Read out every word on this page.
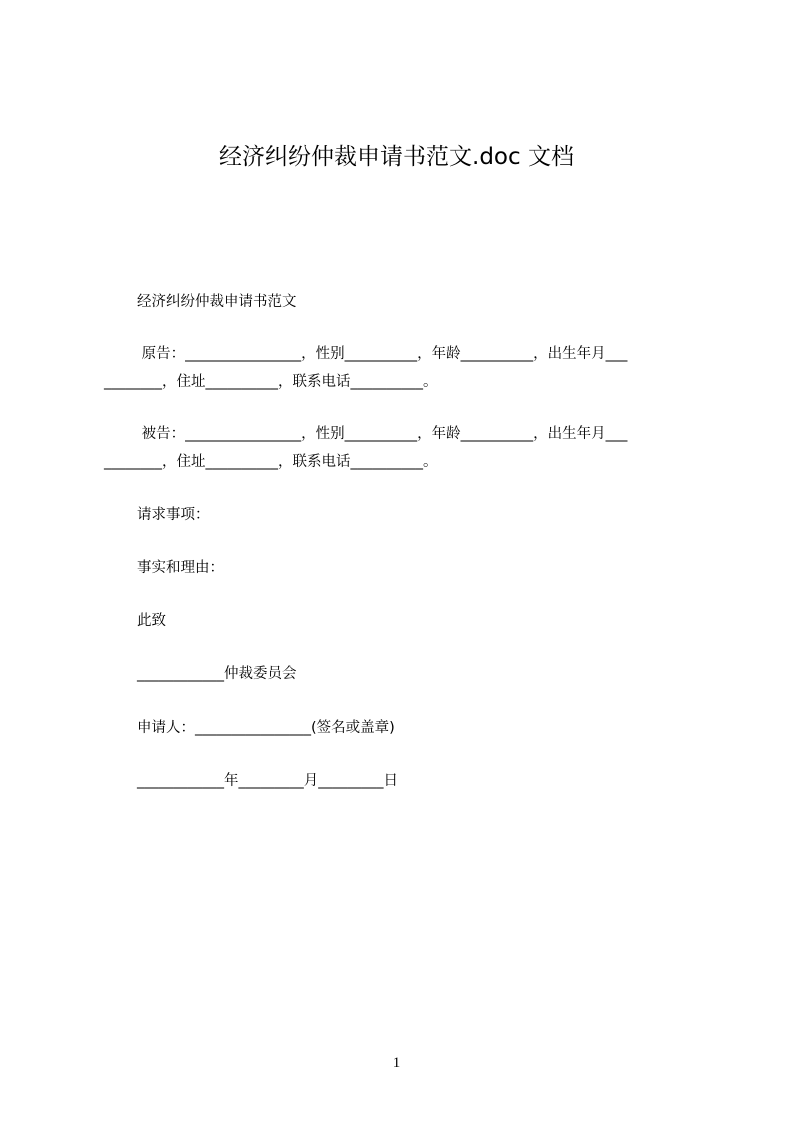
经济纠纷仲裁申请书范文.doc 文档
经济纠纷仲裁申请书范文
原告：________________，性别__________，年龄__________，出生年月___
________，住址__________，联系电话__________。
被告：________________，性别__________，年龄__________，出生年月___
________，住址__________，联系电话__________。
请求事项：
事实和理由：
此致
____________仲裁委员会
申请人：________________(签名或盖章)
____________年_________月_________日
1
